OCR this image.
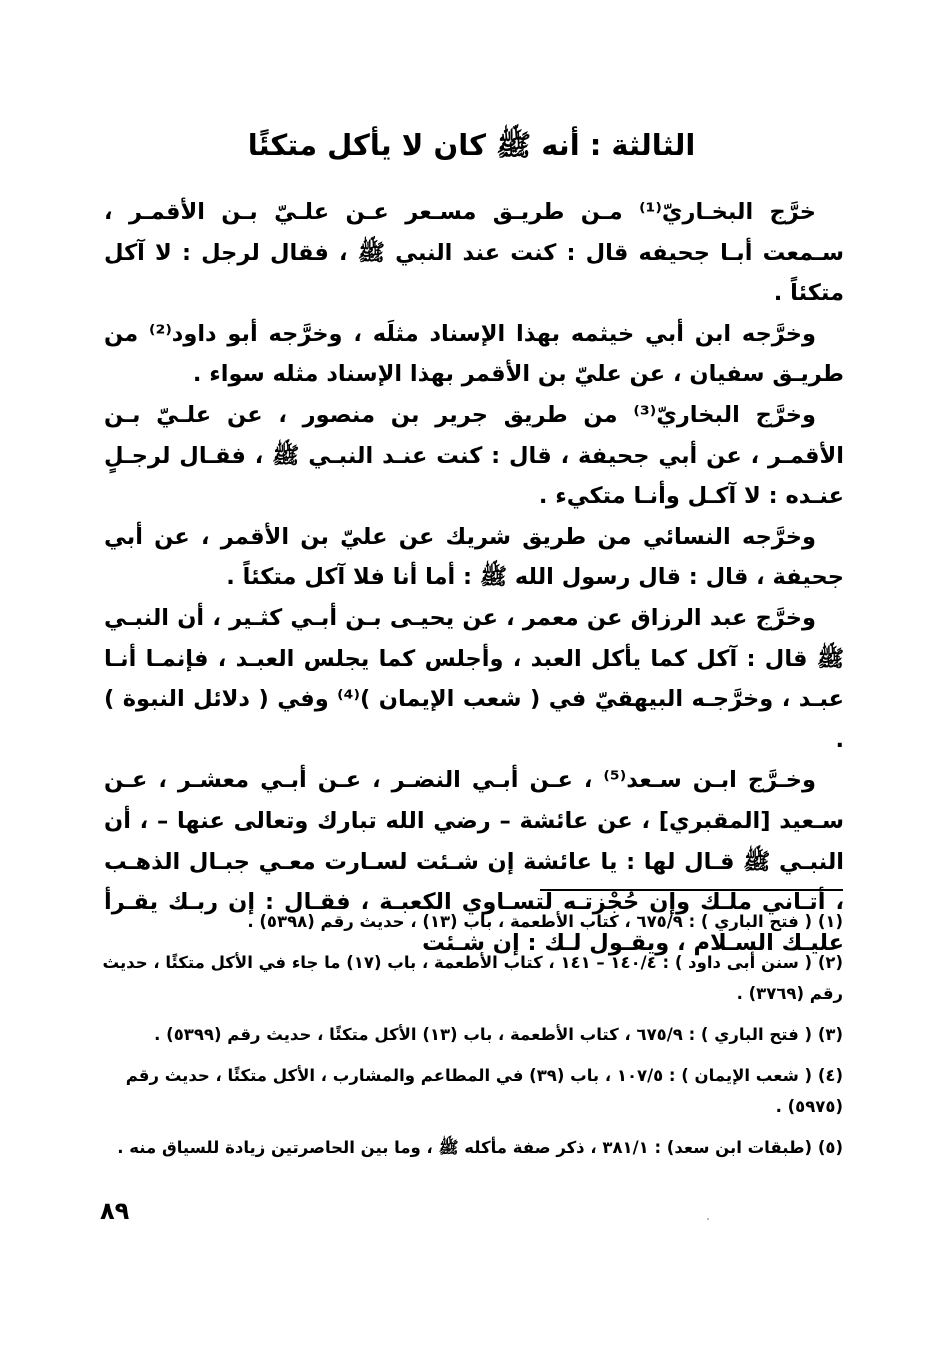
الثالثة : أنه ﷺ كان لا يأكل متكئًا

خرَّج البخـاريّ⁽¹⁾ مـن طريـق مسـعر عـن علـيّ بـن الأقمـر ، سـمعت أبـا جحيفه قال : كنت عند النبي ﷺ ، فقال لرجل : لا آكل متكئاً .

وخرَّجه ابن أبي خيثمه بهذا الإسناد مثلَه ، وخرَّجه أبو داود⁽²⁾ من طريـق سفيان ، عن عليّ بن الأقمر بهذا الإسناد مثله سواء .

وخرَّج البخاريّ⁽³⁾ من طريق جرير بن منصور ، عن علـيّ بـن الأقمـر ، عن أبي جحيفة ، قال : كنت عنـد النبـي ﷺ ، فقـال لرجـلٍ عنـده : لا آكـل وأنـا متكيء .

وخرَّجه النسائي من طريق شريك عن عليّ بن الأقمر ، عن أبي جحيفة ، قال : قال رسول الله ﷺ : أما أنا فلا آكل متكئاً .

وخرَّج عبد الرزاق عن معمر ، عن يحيـى بـن أبـي كثـير ، أن النبـي ﷺ قال : آكل كما يأكل العبد ، وأجلس كما يجلس العبـد ، فإنمـا أنـا عبـد ، وخرَّجـه البيهقيّ في ( شعب الإيمان )⁽⁴⁾ وفي ( دلائل النبوة ) .

وخـرَّج ابـن سـعد⁽⁵⁾ ، عـن أبـي النضـر ، عـن أبـي معشـر ، عـن سـعيد [المقبري] ، عن عائشة – رضي الله تبارك وتعالى عنها – ، أن النبـي ﷺ قـال لها : يا عائشة إن شـئت لسـارت معـي جبـال الذهـب ، أتـاني ملـك وإن حُجْزتـه لتسـاوي الكعبـة ، فقـال : إن ربـك يقـرأ عليـك السـلام ، ويقـول لـك : إن شـئت

(١) ( فتح الباري ) : ٦٧٥/٩ ، كتاب الأطعمة ، باب (١٣) ، حديث رقم (٥٣٩٨) .

(٢) ( سنن أبى داود ) : ١٤٠/٤ – ١٤١ ، كتاب الأطعمة ، باب (١٧) ما جاء في الأكل متكئًا ، حديث رقم (٣٧٦٩) .

(٣) ( فتح الباري ) : ٦٧٥/٩ ، كتاب الأطعمة ، باب (١٣) الأكل متكئًا ، حديث رقم (٥٣٩٩) .

(٤) ( شعب الإيمان ) : ١٠٧/٥ ، باب (٣٩) في المطاعم والمشارب ، الأكل متكئًا ، حديث رقم (٥٩٧٥) .

(٥) (طبقات ابن سعد) : ٣٨١/١ ، ذكر صفة مأكله ﷺ ، وما بين الحاصرتين زيادة للسياق منه .

٨٩
